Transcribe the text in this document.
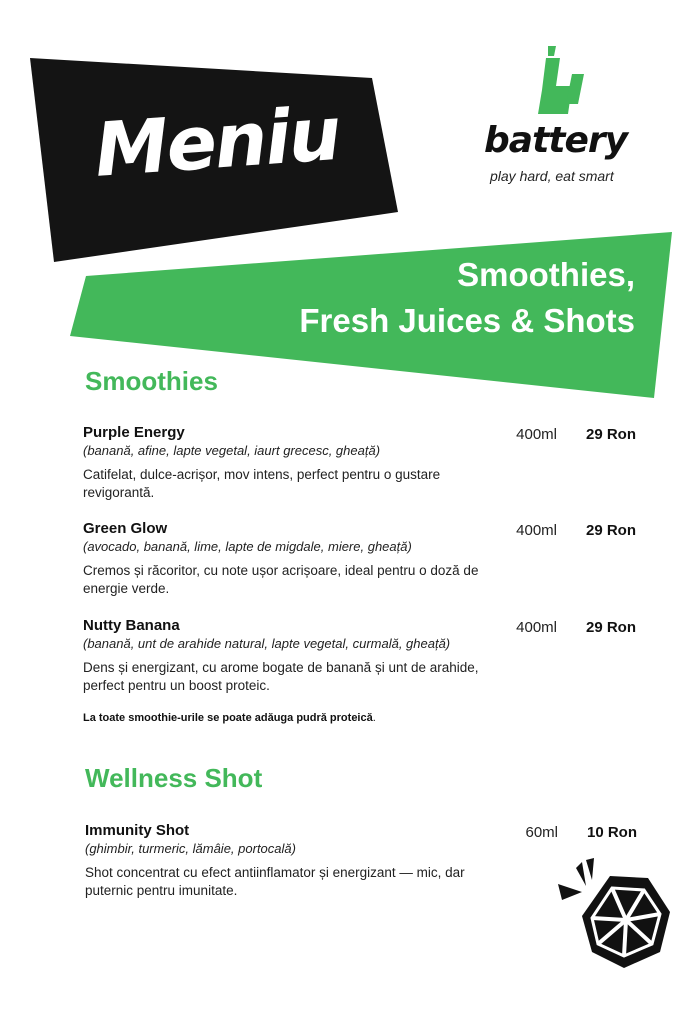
Meniu	battery
play hard, eat smart
Smoothies,
Fresh Juices & Shots
Smoothies
Purple Energy
(banană, afine, lapte vegetal, iaurt grecesc, gheață)
Catifelat, dulce-acrișor, mov intens, perfect pentru o gustare revigorantă.
400ml	29 Ron
Green Glow
(avocado, banană, lime, lapte de migdale, miere, gheață)
Cremos și răcoritor, cu note ușor acrișoare, ideal pentru o doză de energie verde.
400ml	29 Ron
Nutty Banana
(banană, unt de arahide natural, lapte vegetal, curmală, gheață)
Dens și energizant, cu arome bogate de banană și unt de arahide, perfect pentru un boost proteic.
400ml	29 Ron
La toate smoothie-urile se poate adăuga pudră proteică.
Wellness Shot
Immunity Shot
(ghimbir, turmeric, lămâie, portocală)
Shot concentrat cu efect antiinflamator și energizant — mic, dar puternic pentru imunitate.
60ml	10 Ron
